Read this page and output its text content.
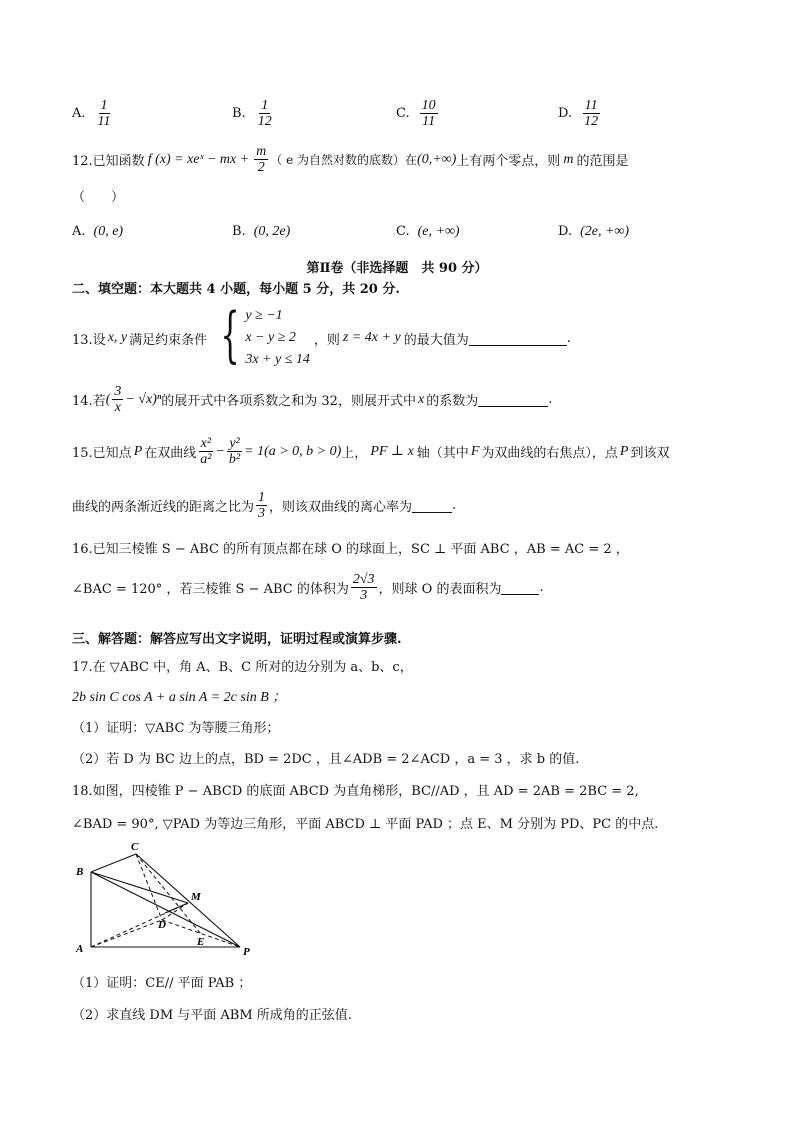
A. $\frac{1}{11}$	B. $\frac{1}{12}$	C. $\frac{10}{11}$	D. $\frac{11}{12}$
12.已知函数 f (x) = xeˣ − mx + $\frac{m}{2}$ （ e 为自然对数的底数）在 (0,+∞) 上有两个零点，则 m 的范围是
（　　）
A. (0, e)	B. (0, 2e)	C. (e, +∞)	D. (2e, +∞)
第Ⅱ卷（非选择题　共 90 分）
二、填空题：本大题共 4 小题，每小题 5 分，共 20 分.
13.设 x, y 满足约束条件 { y ≥ −1
x − y ≥ 2
3x + y ≤ 14
，则 z = 4x + y 的最大值为	.
14.若 ( $\frac{3}{x} - √x)^n$ 的展开式中各项系数之和为 32，则展开式中 x 的系数为	.
15.已知点 P 在双曲线 $\frac{\text{x²}}{\text{a²}} - \frac{\text{y²}}{\text{b²}} = 1(a > 0$, b > 0) 上， PF ⊥ x 轴（其中 F 为双曲线的右焦点），点 P 到该双
曲线的两条渐近线的距离之比为 $\frac{1}{3}$ ，则该双曲线的离心率为	.
16.已知三棱锥 S − ABC 的所有顶点都在球 O 的球面上，SC ⊥ 平面 ABC ，AB = AC = 2 ，
∠BAC = 120° ，若三棱锥 S − ABC 的体积为 $\frac{2√3}{3}$ ，则球 O 的表面积为	.
三、解答题：解答应写出文字说明，证明过程或演算步骤.
17.在 ▽ABC 中，角 A、B、C 所对的边分别为 a、b、c，
2b sin C cos A + a sin A = 2c sin B ；
（1）证明：▽ABC 为等腰三角形；
（2）若 D 为 BC 边上的点，BD = 2DC ，且∠ADB = 2∠ACD ，a = 3 ，求 b 的值.
18.如图，四棱锥 P − ABCD 的底面 ABCD 为直角梯形，BC//AD ，且 AD = 2AB = 2BC = 2,
∠BAD = 90°, ▽PAD 为等边三角形，平面 ABCD ⊥ 平面 PAD ；点 E、M 分别为 PD、PC 的中点.
B
C
M
D
A
E
P
（1）证明：CE// 平面 PAB ；
（2）求直线 DM 与平面 ABM 所成角的正弦值.
